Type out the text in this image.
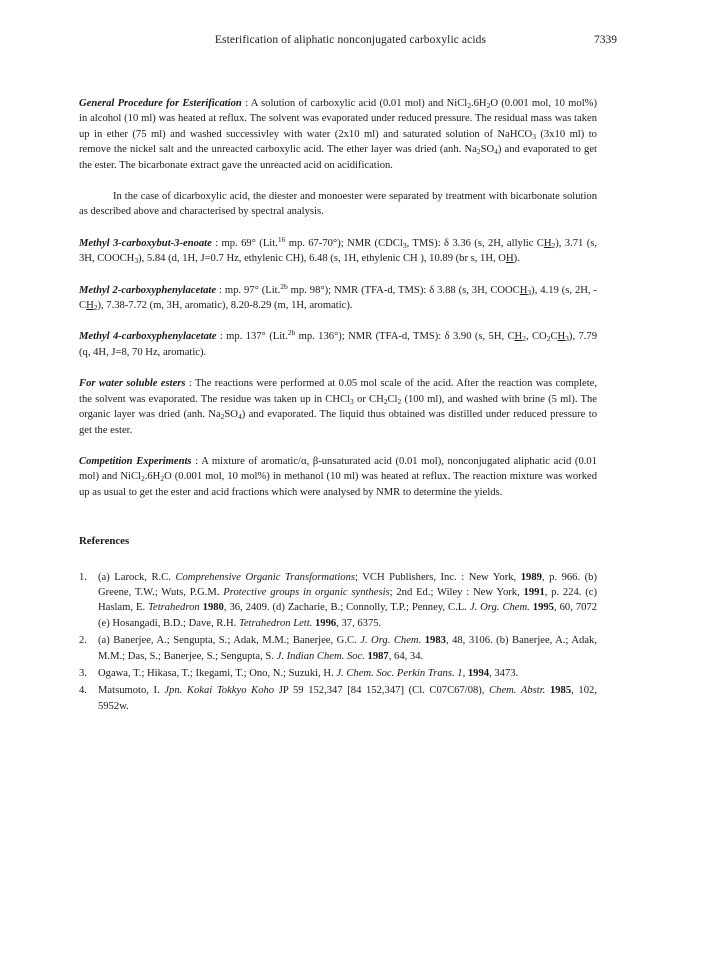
Esterification of aliphatic nonconjugated carboxylic acids	7339

General Procedure for Esterification : A solution of carboxylic acid (0.01 mol) and $NiCl_2.6H_2O$ (0.001 mol, 10 mol%) in alcohol (10 ml) was heated at reflux. The solvent was evaporated under reduced pressure. The residual mass was taken up in ether (75 ml) and washed successivley with water (2x10 ml) and saturated solution of NaHCO$_3$ (3x10 ml) to remove the nickel salt and the unreacted carboxylic acid. The ether layer was dried (anh. $Na_2SO_4$) and evaporated to get the ester. The bicarbonate extract gave the unreacted acid on acidification.

In the case of dicarboxylic acid, the diester and monoester were separated by treatment with bicarbonate solution as described above and characterised by spectral analysis.

Methyl 3-carboxybut-3-enoate : mp. 69° (Lit.$^{16}$ mp. 67-70°); NMR (CDCl$_3$, TMS): δ 3.36 (s, 2H, allylic $CH_2$), 3.71 (s, 3H, $COOCH_3$), 5.84 (d, 1H, J=0.7 Hz, ethylenic CH), 6.48 (s, 1H, ethylenic CH ), 10.89 (br s, 1H, OH).

Methyl 2-carboxyphenylacetate : mp. 97° (Lit.$^{2b}$ mp. 98°); NMR (TFA-d, TMS): δ 3.88 (s, 3H, $COOCH_3$), 4.19 (s, 2H, - $CH_2$), 7.38-7.72 (m, 3H, aromatic), 8.20-8.29 (m, 1H, aromatic).

Methyl 4-carboxyphenylacetate : mp. 137° (Lit.$^{2b}$ mp. 136°); NMR (TFA-d, TMS): δ 3.90 (s, 5H, $CH_2$, $CO_2CH_3$), 7.79 (q, 4H, J=8, 70 Hz, aromatic).

For water soluble esters : The reactions were performed at 0.05 mol scale of the acid. After the reaction was complete, the solvent was evaporated. The residue was taken up in CHCl$_3$ or $CH_2Cl_2$ (100 ml), and washed with brine (5 ml). The organic layer was dried (anh. $Na_2SO_4$) and evaporated. The liquid thus obtained was distilled under reduced pressure to get the ester.

Competition Experiments : A mixture of aromatic/α, β-unsaturated acid (0.01 mol), nonconjugated aliphatic acid (0.01 mol) and $NiCl_2.6H_2O$ (0.001 mol, 10 mol%) in methanol (10 ml) was heated at reflux. The reaction mixture was worked up as usual to get the ester and acid fractions which were analysed by NMR to determine the yields.

References

1. (a) Larock, R.C. Comprehensive Organic Transformations; VCH Publishers, Inc. : New York, 1989, p. 966. (b) Greene, T.W.; Wuts, P.G.M. Protective groups in organic synthesis; 2nd Ed.; Wiley : New York, 1991, p. 224. (c) Haslam, E. Tetrahedron 1980, 36, 2409. (d) Zacharie, B.; Connolly, T.P.; Penney, C.L. J. Org. Chem. 1995, 60, 7072 (e) Hosangadi, B.D.; Dave, R.H. Tetrahedron Lett. 1996, 37, 6375.
2. (a) Banerjee, A.; Sengupta, S.; Adak, M.M.; Banerjee, G.C. J. Org. Chem. 1983, 48, 3106. (b) Banerjee, A.; Adak, M.M.; Das, S.; Banerjee, S.; Sengupta, S. J. Indian Chem. Soc. 1987, 64, 34.
3. Ogawa, T.; Hikasa, T.; Ikegami, T.; Ono, N.; Suzuki, H. J. Chem. Soc. Perkin Trans. 1, 1994, 3473.
4. Matsumoto, I. Jpn. Kokai Tokkyo Koho JP 59 152,347 [84 152,347] (Cl. C07C67/08), Chem. Abstr. 1985, 102, 5952w.
